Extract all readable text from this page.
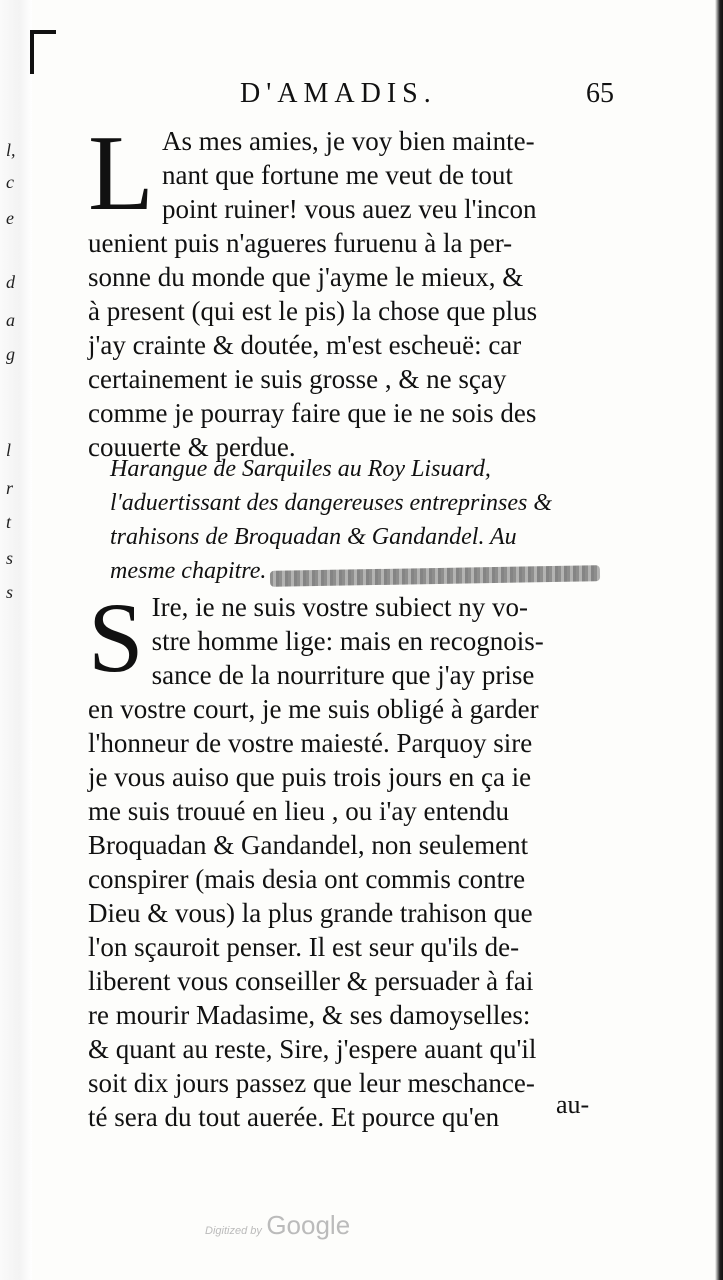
l,
c
e
d
a
g
l
r
t
s
s
D'AMADIS.	65
L As mes amies, je voy bien mainte-
nant que fortune me veut de tout
point ruiner! vous auez veu l'incon
uenient puis n'agueres furuenu à la per-
sonne du monde que j'ayme le mieux, &
à present (qui est le pis) la chose que plus
j'ay crainte & doutée, m'est escheuë: car
certainement ie suis grosse , & ne sçay
comme je pourray faire que ie ne sois des
couuerte & perdue.
Harangue de Sarquiles au Roy Lisuard,
l'aduertissant des dangereuses entreprinses &
trahisons de Broquadan & Gandandel. Au
mesme chapitre.
S Ire, ie ne suis vostre subiect ny vo-
stre homme lige: mais en recognois-
sance de la nourriture que j'ay prise
en vostre court, je me suis obligé à garder
l'honneur de vostre maiesté. Parquoy sire
je vous auiso que puis trois jours en ça ie
me suis trouué en lieu , ou i'ay entendu
Broquadan & Gandandel, non seulement
conspirer (mais desia ont commis contre
Dieu & vous) la plus grande trahison que
l'on sçauroit penser. Il est seur qu'ils de-
liberent vous conseiller & persuader à fai
re mourir Madasime, & ses damoyselles:
& quant au reste, Sire, j'espere auant qu'il
soit dix jours passez que leur meschance-
té sera du tout auerée. Et pource qu'en	au-
Digitized by Google
